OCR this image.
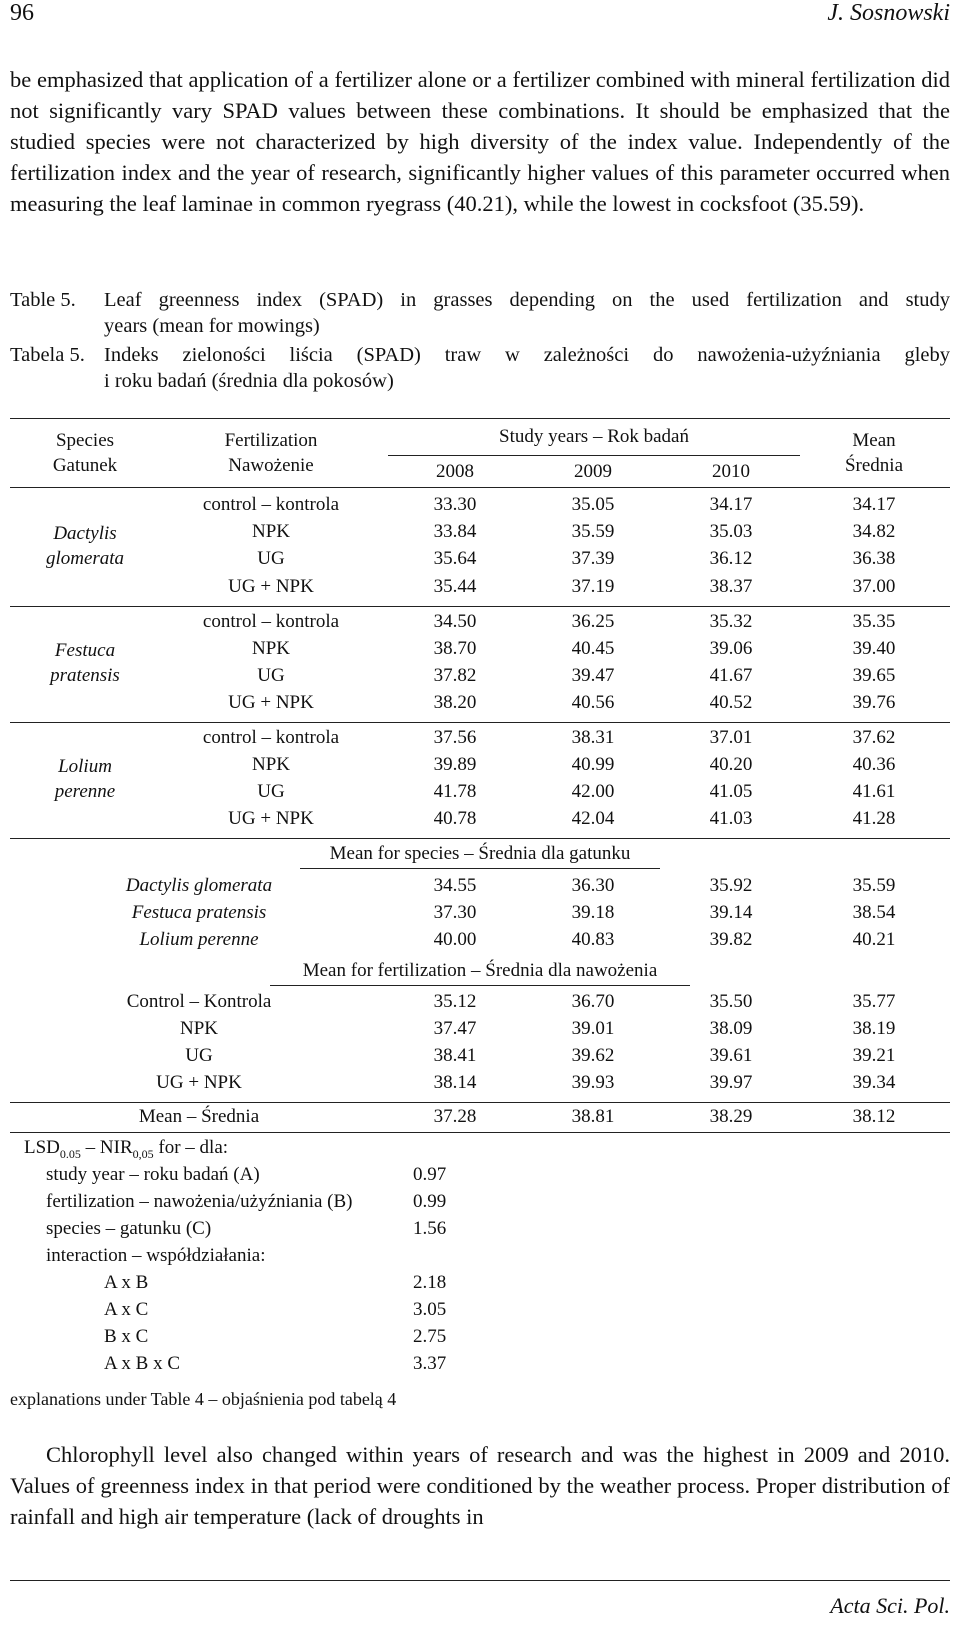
96	J. Sosnowski
be emphasized that application of a fertilizer alone or a fertilizer combined with mineral fertilization did not significantly vary SPAD values between these combinations. It should be emphasized that the studied species were not characterized by high diversity of the index value. Independently of the fertilization index and the year of research, significantly higher values of this parameter occurred when measuring the leaf laminae in common ryegrass (40.21), while the lowest in cocksfoot (35.59).
Table 5. Leaf greenness index (SPAD) in grasses depending on the used fertilization and study
years (mean for mowings)
Tabela 5. Indeks zieloności liścia (SPAD) traw w zależności do nawożenia-użyźniania gleby
i roku badań (średnia dla pokosów)
Species
Gatunek
Fertilization
Nawożenie
Study years – Rok badań	Mean
Średnia
2008	2009	2010
Dactylis
glomerata
control – kontrola	33.30	35.05	34.17	34.17
NPK	33.84	35.59	35.03	34.82
UG	35.64	37.39	36.12	36.38
UG + NPK	35.44	37.19	38.37	37.00
Festuca
pratensis
control – kontrola	34.50	36.25	35.32	35.35
NPK	38.70	40.45	39.06	39.40
UG	37.82	39.47	41.67	39.65
UG + NPK	38.20	40.56	40.52	39.76
Lolium
perenne
control – kontrola	37.56	38.31	37.01	37.62
NPK	39.89	40.99	40.20	40.36
UG	41.78	42.00	41.05	41.61
UG + NPK	40.78	42.04	41.03	41.28
Mean for species – Średnia dla gatunku
Dactylis glomerata	34.55	36.30	35.92	35.59
Festuca pratensis	37.30	39.18	39.14	38.54
Lolium perenne	40.00	40.83	39.82	40.21
Mean for fertilization – Średnia dla nawożenia
Control – Kontrola	35.12	36.70	35.50	35.77
NPK	37.47	39.01	38.09	38.19
UG	38.41	39.62	39.61	39.21
UG + NPK	38.14	39.93	39.97	39.34
Mean – Średnia	37.28	38.81	38.29	38.12
$LSD_{0.05} - NIR_{0,05}$ for – dla:
study year – roku badań (A)	0.97
fertilization – nawożenia/użyźniania (B)	0.99
species – gatunku (C)	1.56
interaction – współdziałania:
A x B	2.18
A x C	3.05
B x C	2.75
A x B x C	3.37
explanations under Table 4 – objaśnienia pod tabelą 4
Chlorophyll level also changed within years of research and was the highest in 2009 and 2010. Values of greenness index in that period were conditioned by the weather process. Proper distribution of rainfall and high air temperature (lack of droughts in
Acta Sci. Pol.
